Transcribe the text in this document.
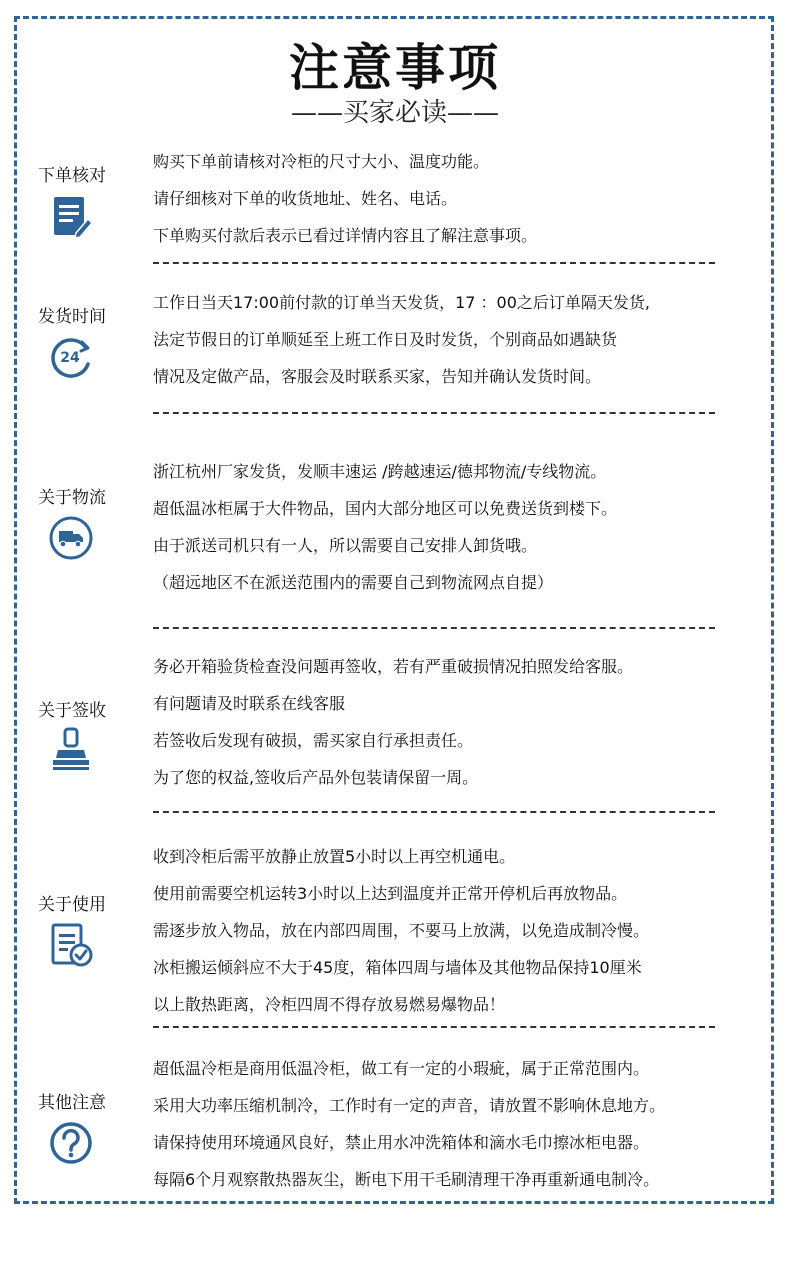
注意事项
——买家必读——
下单核对
购买下单前请核对冷柜的尺寸大小、温度功能。
请仔细核对下单的收货地址、姓名、电话。
下单购买付款后表示已看过详情内容且了解注意事项。
发货时间
24
工作日当天17:00前付款的订单当天发货，17 ：00之后订单隔天发货,
法定节假日的订单顺延至上班工作日及时发货，个别商品如遇缺货
情况及定做产品，客服会及时联系买家，告知并确认发货时间。
关于物流
浙江杭州厂家发货，发顺丰速运 /跨越速运/德邦物流/专线物流。
超低温冰柜属于大件物品，国内大部分地区可以免费送货到楼下。
由于派送司机只有一人，所以需要自己安排人卸货哦。
（超远地区不在派送范围内的需要自己到物流网点自提）
关于签收
务必开箱验货检查没问题再签收，若有严重破损情况拍照发给客服。
有问题请及时联系在线客服
若签收后发现有破损，需买家自行承担责任。
为了您的权益,签收后产品外包装请保留一周。
关于使用
收到冷柜后需平放静止放置5小时以上再空机通电。
使用前需要空机运转3小时以上达到温度并正常开停机后再放物品。
需逐步放入物品，放在内部四周围，不要马上放满，以免造成制冷慢。
冰柜搬运倾斜应不大于45度，箱体四周与墙体及其他物品保持10厘米
以上散热距离，冷柜四周不得存放易燃易爆物品！
其他注意
超低温冷柜是商用低温冷柜，做工有一定的小瑕疵，属于正常范围内。
采用大功率压缩机制冷，工作时有一定的声音，请放置不影响休息地方。
请保持使用环境通风良好，禁止用水冲洗箱体和滴水毛巾擦冰柜电器。
每隔6个月观察散热器灰尘，断电下用干毛刷清理干净再重新通电制冷。
